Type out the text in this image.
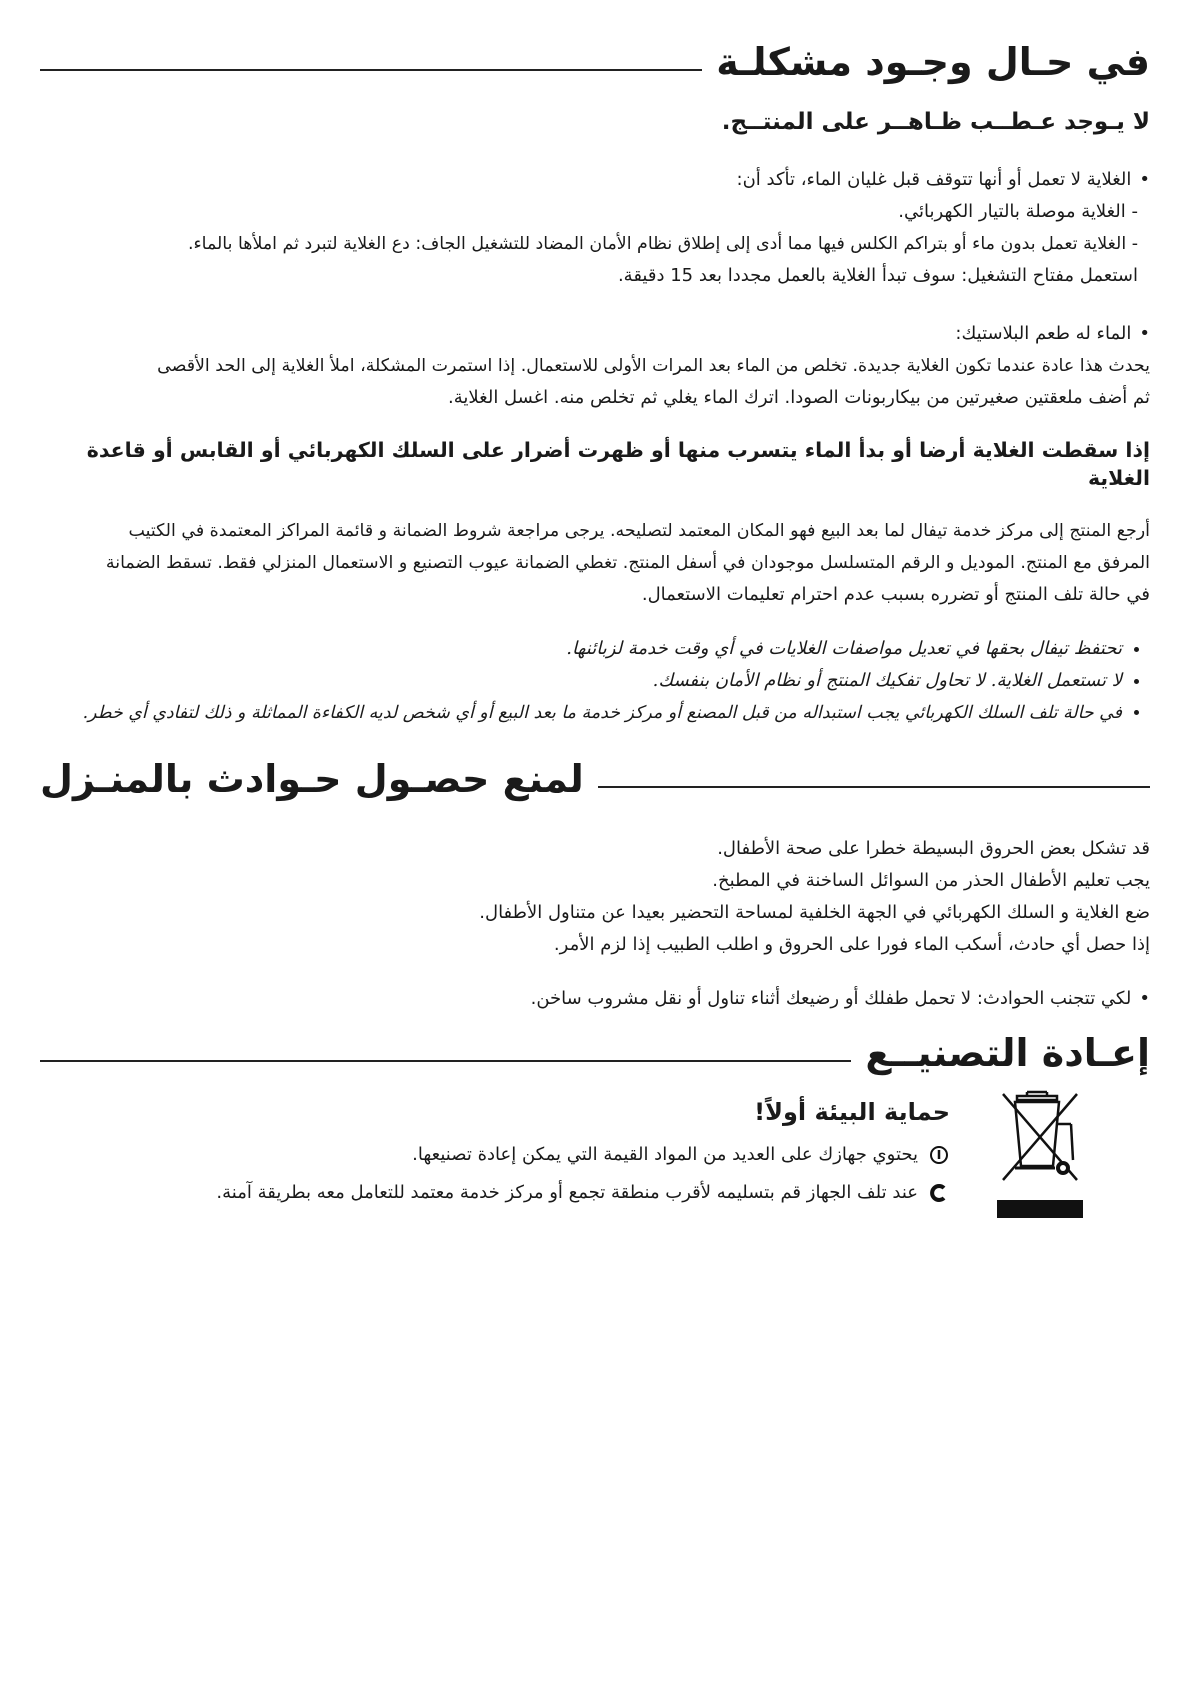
في حـال وجـود مشكلـة
لا يـوجد عـطــب ظـاهــر على المنتــج.

• الغلاية لا تعمل أو أنها تتوقف قبل غليان الماء، تأكد أن:

- الغلاية موصلة بالتيار الكهربائي.

- الغلاية تعمل بدون ماء أو بتراكم الكلس فيها مما أدى إلى إطلاق نظام الأمان المضاد للتشغيل الجاف: دع الغلاية لتبرد ثم املأها بالماء.

استعمل مفتاح التشغيل: سوف تبدأ الغلاية بالعمل مجددا بعد 15 دقيقة.

• الماء له طعم البلاستيك:

يحدث هذا عادة عندما تكون الغلاية جديدة. تخلص من الماء بعد المرات الأولى للاستعمال. إذا استمرت المشكلة، املأ الغلاية إلى الحد الأقصى

ثم أضف ملعقتين صغيرتين من بيكاربونات الصودا. اترك الماء يغلي ثم تخلص منه. اغسل الغلاية.

إذا سقطت الغلاية أرضا أو بدأ الماء يتسرب منها أو ظهرت أضرار على السلك الكهربائي أو القابس أو قاعدة الغلاية

أرجع المنتج إلى مركز خدمة تيفال لما بعد البيع فهو المكان المعتمد لتصليحه. يرجى مراجعة شروط الضمانة و قائمة المراكز المعتمدة في الكتيب

المرفق مع المنتج. الموديل و الرقم المتسلسل موجودان في أسفل المنتج. تغطي الضمانة عيوب التصنيع و الاستعمال المنزلي فقط. تسقط الضمانة

في حالة تلف المنتج أو تضرره بسبب عدم احترام تعليمات الاستعمال.

• تحتفظ تيفال بحقها في تعديل مواصفات الغلايات في أي وقت خدمة لزبائنها.
• لا تستعمل الغلاية. لا تحاول تفكيك المنتج أو نظام الأمان بنفسك.
• في حالة تلف السلك الكهربائي يجب استبداله من قبل المصنع أو مركز خدمة ما بعد البيع أو أي شخص لديه الكفاءة المماثلة و ذلك لتفادي أي خطر.
لمنع حصـول حـوادث بالمنـزل

قد تشكل بعض الحروق البسيطة خطرا على صحة الأطفال.

يجب تعليم الأطفال الحذر من السوائل الساخنة في المطبخ.

ضع الغلاية و السلك الكهربائي في الجهة الخلفية لمساحة التحضير بعيدا عن متناول الأطفال.

إذا حصل أي حادث، أسكب الماء فورا على الحروق و اطلب الطبيب إذا لزم الأمر.

• لكي تتجنب الحوادث: لا تحمل طفلك أو رضيعك أثناء تناول أو نقل مشروب ساخن.

إعـادة التصنيــع
حماية البيئة أولاً!
يحتوي جهازك على العديد من المواد القيمة التي يمكن إعادة تصنيعها.
عند تلف الجهاز قم بتسليمه لأقرب منطقة تجمع أو مركز خدمة معتمد للتعامل معه بطريقة آمنة.
